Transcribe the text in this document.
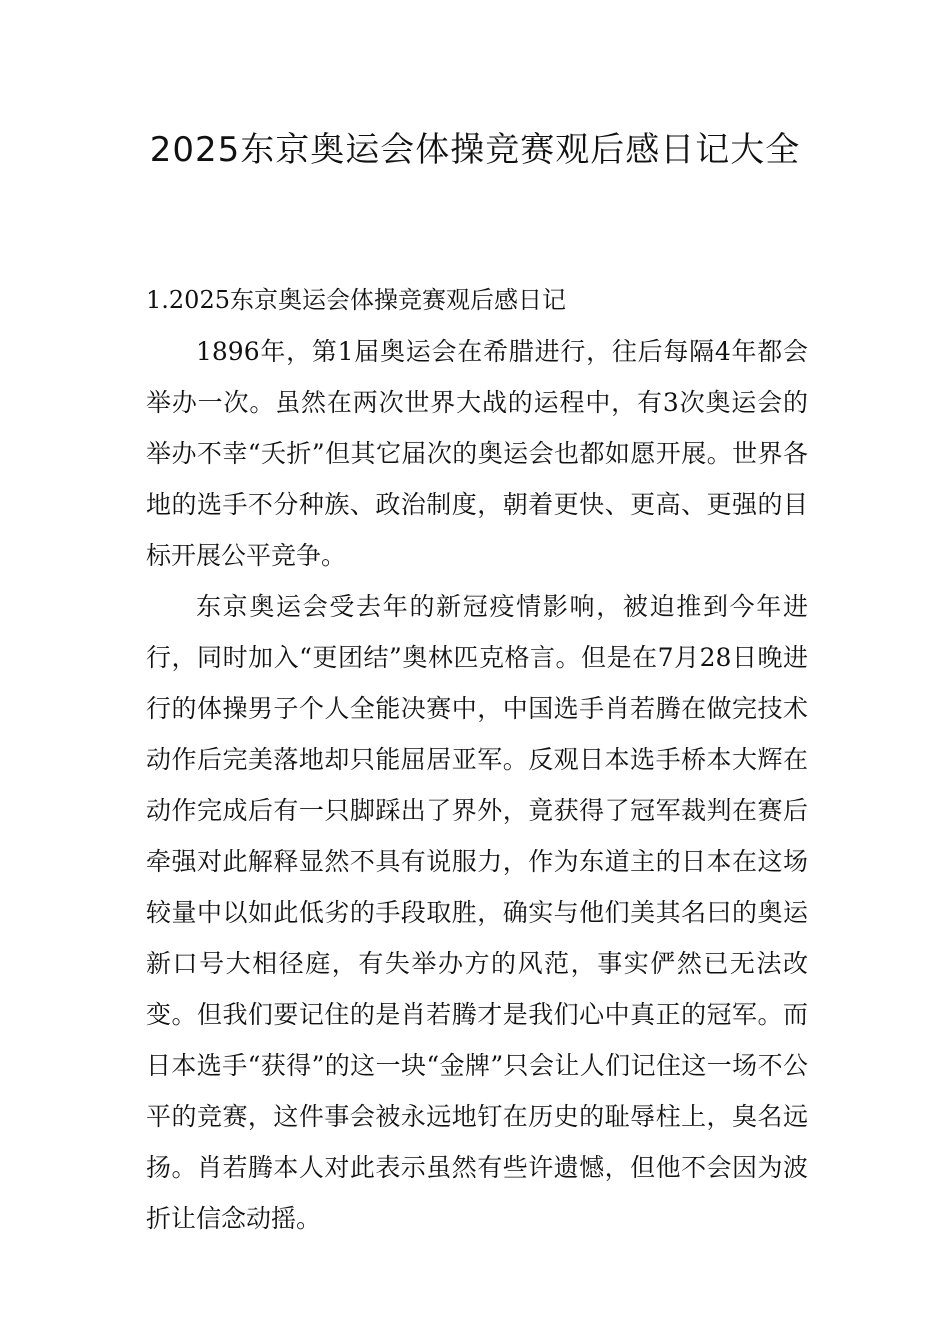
2025东京奥运会体操竞赛观后感日记大全
1.2025东京奥运会体操竞赛观后感日记

1896年，第1届奥运会在希腊进行，往后每隔4年都会举办一次。虽然在两次世界大战的运程中，有3次奥运会的举办不幸“夭折”但其它届次的奥运会也都如愿开展。世界各地的选手不分种族、政治制度，朝着更快、更高、更强的目标开展公平竞争。

东京奥运会受去年的新冠疫情影响，被迫推到今年进行，同时加入“更团结”奥林匹克格言。但是在7月28日晚进行的体操男子个人全能决赛中，中国选手肖若腾在做完技术动作后完美落地却只能屈居亚军。反观日本选手桥本大辉在动作完成后有一只脚踩出了界外，竟获得了冠军裁判在赛后牵强对此解释显然不具有说服力，作为东道主的日本在这场较量中以如此低劣的手段取胜，确实与他们美其名曰的奥运新口号大相径庭，有失举办方的风范，事实俨然已无法改变。但我们要记住的是肖若腾才是我们心中真正的冠军。而日本选手“获得”的这一块“金牌”只会让人们记住这一场不公平的竞赛，这件事会被永远地钉在历史的耻辱柱上，臭名远扬。肖若腾本人对此表示虽然有些许遗憾，但他不会因为波折让信念动摇。
